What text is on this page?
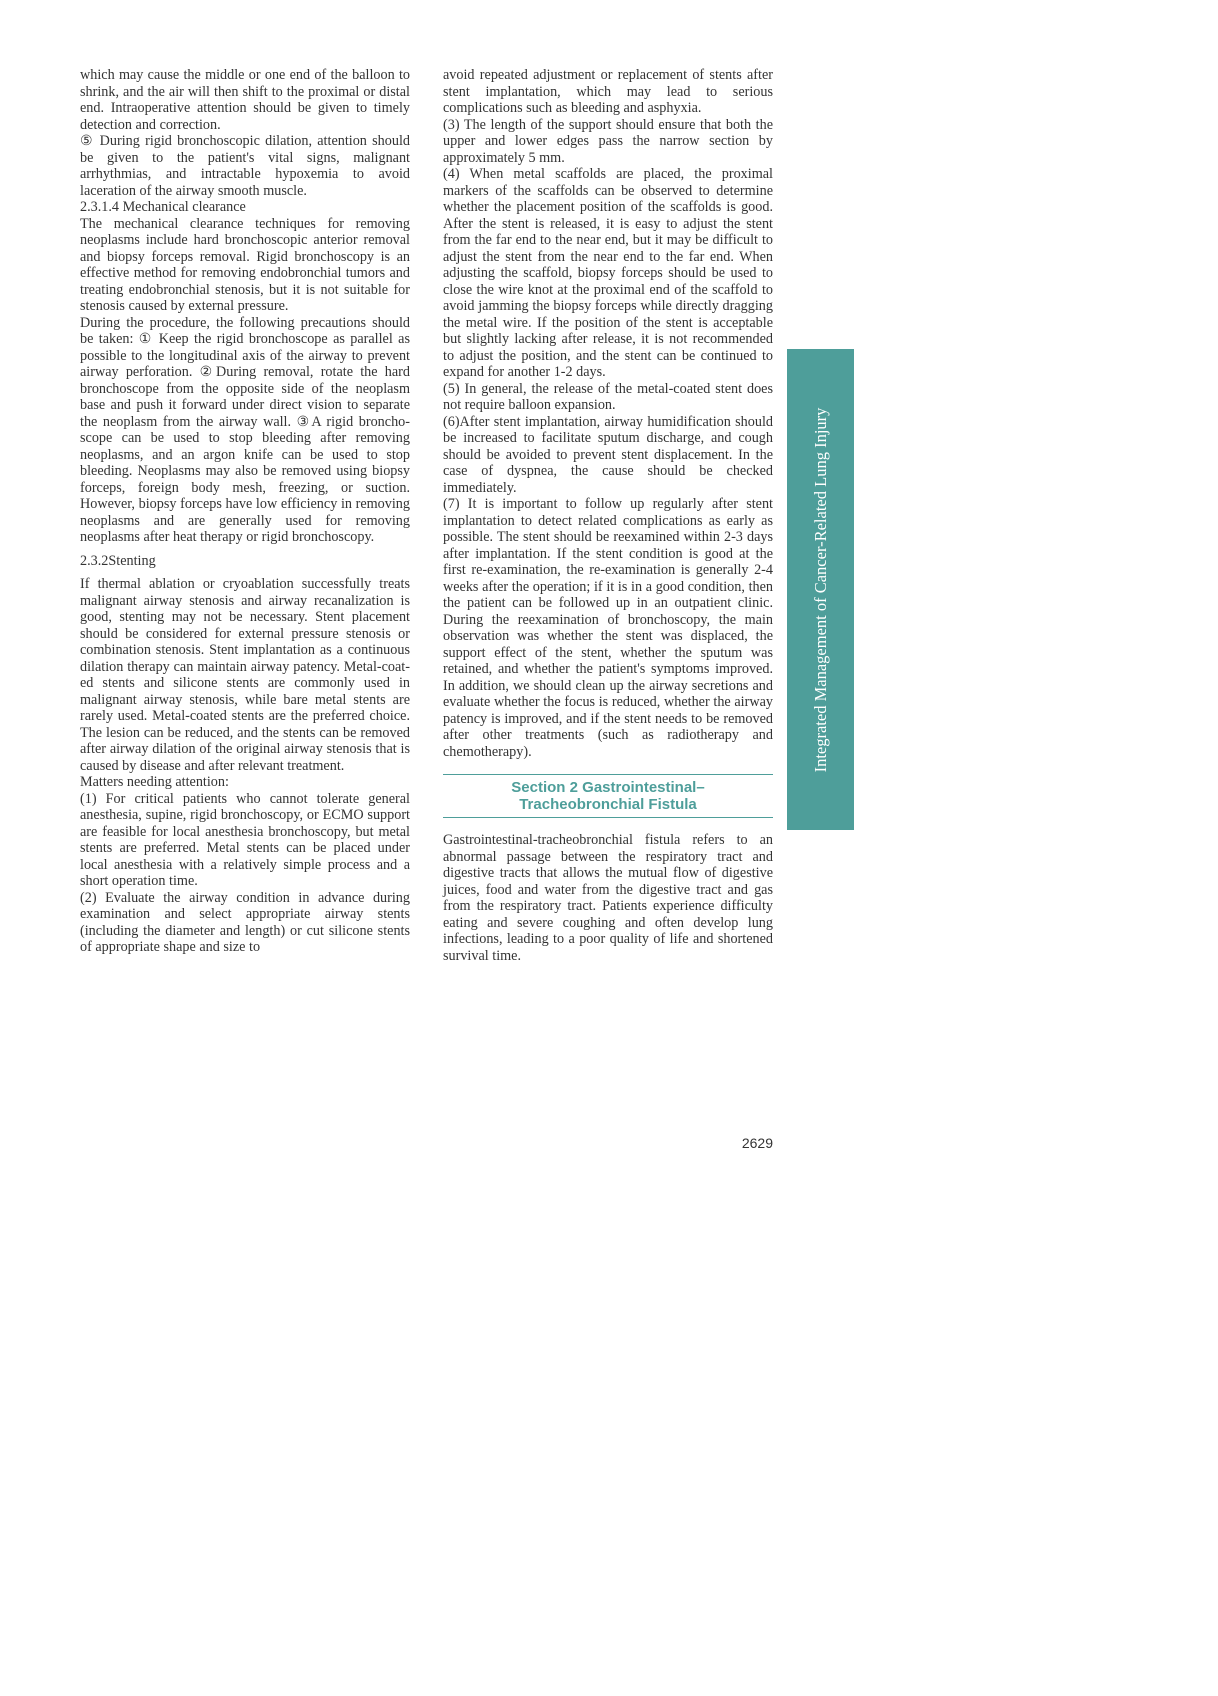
which may cause the middle or one end of the balloon to shrink, and the air will then shift to the proximal or distal end. Intraoperative attention should be given to timely detection and correction.

⑤ During rigid bronchoscopic dilation, attention should be given to the patient's vital signs, malignant arrhythmias, and intractable hypoxemia to avoid laceration of the airway smooth muscle.

2.3.1.4 Mechanical clearance

The mechanical clearance techniques for removing neoplasms include hard bronchoscopic anterior removal and biopsy forceps removal. Rigid bronchoscopy is an effective method for removing endobronchial tumors and treating endobronchial stenosis, but it is not suitable for stenosis caused by external pressure.

During the procedure, the following precautions should be taken: ① Keep the rigid bronchoscope as parallel as possible to the longitudinal axis of the airway to prevent airway perforation. ②During removal, rotate the hard bronchoscope from the opposite side of the neoplasm base and push it forward under direct vision to separate the neoplasm from the airway wall. ③A rigid bronchoscope can be used to stop bleeding after removing neoplasms, and an argon knife can be used to stop bleeding. Neoplasms may also be removed using biopsy forceps, foreign body mesh, freezing, or suction. However, biopsy forceps have low efficiency in removing neoplasms and are generally used for removing neoplasms after heat therapy or rigid bronchoscopy.

2.3.2Stenting

If thermal ablation or cryoablation successfully treats malignant airway stenosis and airway recanalization is good, stenting may not be necessary. Stent placement should be considered for external pressure stenosis or combination stenosis. Stent implantation as a continuous dilation therapy can maintain airway patency. Metal-coated stents and silicone stents are commonly used in malignant airway stenosis, while bare metal stents are rarely used. Metal-coated stents are the preferred choice. The lesion can be reduced, and the stents can be removed after airway dilation of the original airway stenosis that is caused by disease and after relevant treatment.

Matters needing attention:

(1) For critical patients who cannot tolerate general anesthesia, supine, rigid bronchoscopy, or ECMO support are feasible for local anesthesia bronchoscopy, but metal stents are preferred. Metal stents can be placed under local anesthesia with a relatively simple process and a short operation time.

(2) Evaluate the airway condition in advance during examination and select appropriate airway stents (including the diameter and length) or cut silicone stents of appropriate shape and size to

avoid repeated adjustment or replacement of stents after stent implantation, which may lead to serious complications such as bleeding and asphyxia.

(3) The length of the support should ensure that both the upper and lower edges pass the narrow section by approximately 5 mm.

(4) When metal scaffolds are placed, the proximal markers of the scaffolds can be observed to determine whether the placement position of the scaffolds is good. After the stent is released, it is easy to adjust the stent from the far end to the near end, but it may be difficult to adjust the stent from the near end to the far end. When adjusting the scaffold, biopsy forceps should be used to close the wire knot at the proximal end of the scaffold to avoid jamming the biopsy forceps while directly dragging the metal wire. If the position of the stent is acceptable but slightly lacking after release, it is not recommended to adjust the position, and the stent can be continued to expand for another 1-2 days.

(5) In general, the release of the metal-coated stent does not require balloon expansion.

(6)After stent implantation, airway humidification should be increased to facilitate sputum discharge, and cough should be avoided to prevent stent displacement. In the case of dyspnea, the cause should be checked immediately.

(7) It is important to follow up regularly after stent implantation to detect related complications as early as possible. The stent should be reexamined within 2-3 days after implantation. If the stent condition is good at the first re-examination, the re-examination is generally 2-4 weeks after the operation; if it is in a good condition, then the patient can be followed up in an outpatient clinic. During the reexamination of bronchoscopy, the main observation was whether the stent was displaced, the support effect of the stent, whether the sputum was retained, and whether the patient's symptoms improved. In addition, we should clean up the airway secretions and evaluate whether the focus is reduced, whether the airway patency is improved, and if the stent needs to be removed after other treatments (such as radiotherapy and chemotherapy).

Section 2 Gastrointestinal–
Tracheobronchial Fistula

Gastrointestinal-tracheobronchial fistula refers to an abnormal passage between the respiratory tract and digestive tracts that allows the mutual flow of digestive juices, food and water from the digestive tract and gas from the respiratory tract. Patients experience difficulty eating and severe coughing and often develop lung infections, leading to a poor quality of life and shortened survival time.

Integrated Management of Cancer-Related Lung Injury
2629
